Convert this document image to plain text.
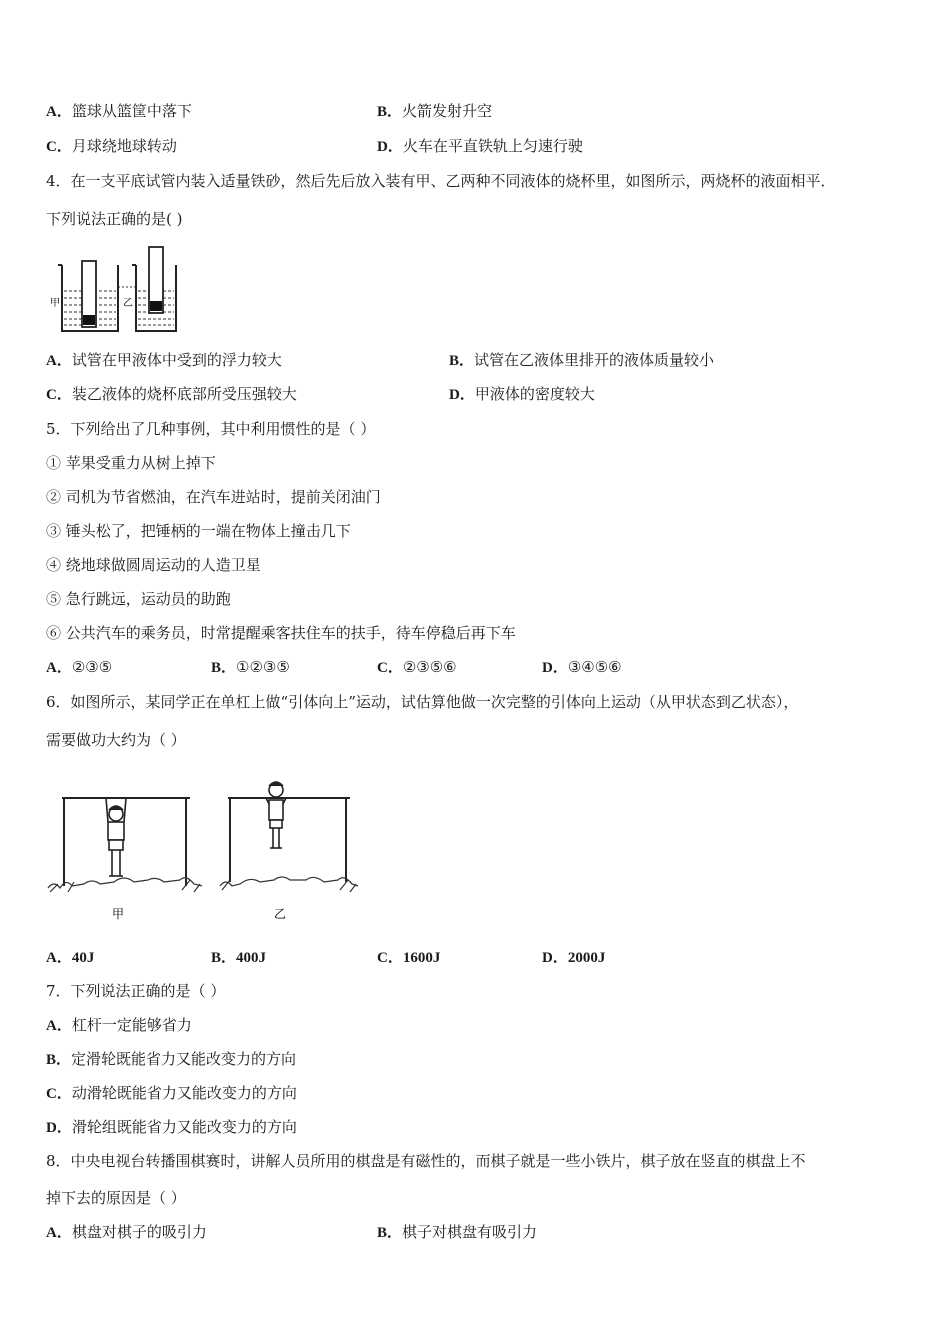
A．篮球从篮筐中落下	B．火箭发射升空
C．月球绕地球转动	D．火车在平直铁轨上匀速行驶
4．在一支平底试管内装入适量铁砂，然后先后放入装有甲、乙两种不同液体的烧杯里，如图所示，两烧杯的液面相平．
下列说法正确的是( )
甲	乙
A．试管在甲液体中受到的浮力较大	B．试管在乙液体里排开的液体质量较小
C．装乙液体的烧杯底部所受压强较大	D．甲液体的密度较大
5．下列给出了几种事例，其中利用惯性的是（ ）
① 苹果受重力从树上掉下
② 司机为节省燃油，在汽车进站时，提前关闭油门
③ 锤头松了，把锤柄的一端在物体上撞击几下
④ 绕地球做圆周运动的人造卫星
⑤ 急行跳远，运动员的助跑
⑥ 公共汽车的乘务员，时常提醒乘客扶住车的扶手，待车停稳后再下车
A．②③⑤	B．①②③⑤	C．②③⑤⑥	D．③④⑤⑥
6．如图所示，某同学正在单杠上做“引体向上”运动，试估算他做一次完整的引体向上运动（从甲状态到乙状态），
需要做功大约为（ ）
甲	乙
A．40J	B．400J	C．1600J	D．2000J
7．下列说法正确的是（ ）
A．杠杆一定能够省力
B．定滑轮既能省力又能改变力的方向
C．动滑轮既能省力又能改变力的方向
D．滑轮组既能省力又能改变力的方向
8．中央电视台转播围棋赛时，讲解人员所用的棋盘是有磁性的，而棋子就是一些小铁片，棋子放在竖直的棋盘上不
掉下去的原因是（ ）
A．棋盘对棋子的吸引力	B．棋子对棋盘有吸引力
